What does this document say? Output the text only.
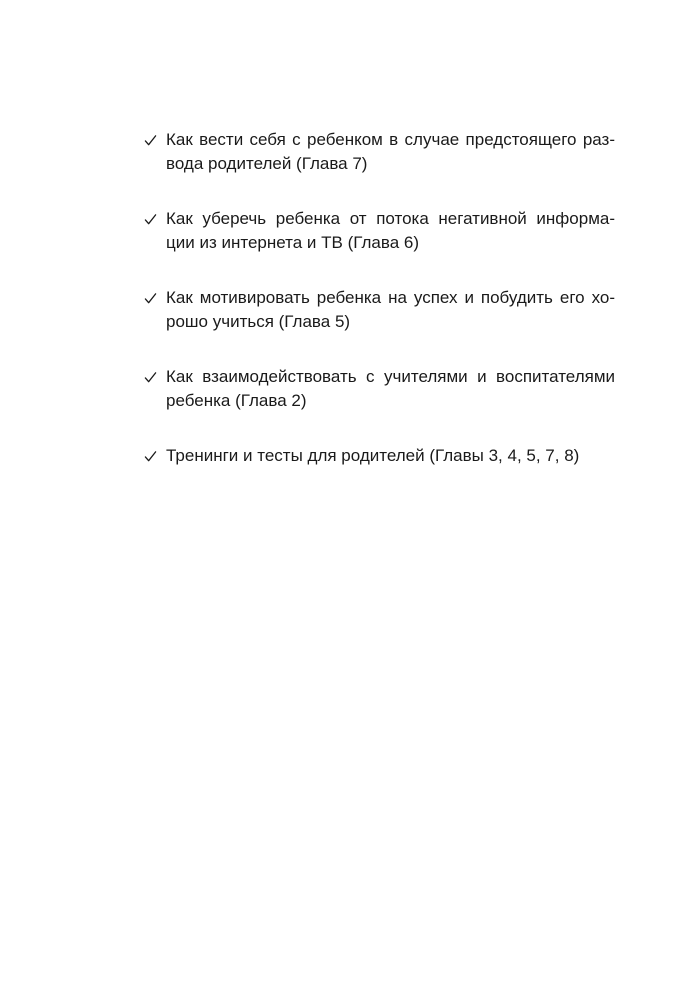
Как вести себя с ребенком в случае предстоящего раз-
вода родителей (Глава 7)
Как уберечь ребенка от потока негативной информа-
ции из интернета и ТВ (Глава 6)
Как мотивировать ребенка на успех и побудить его хо-
рошо учиться (Глава 5)
Как взаимодействовать с учителями и воспитателями
ребенка (Глава 2)
Тренинги и тесты для родителей (Главы 3, 4, 5, 7, 8)
